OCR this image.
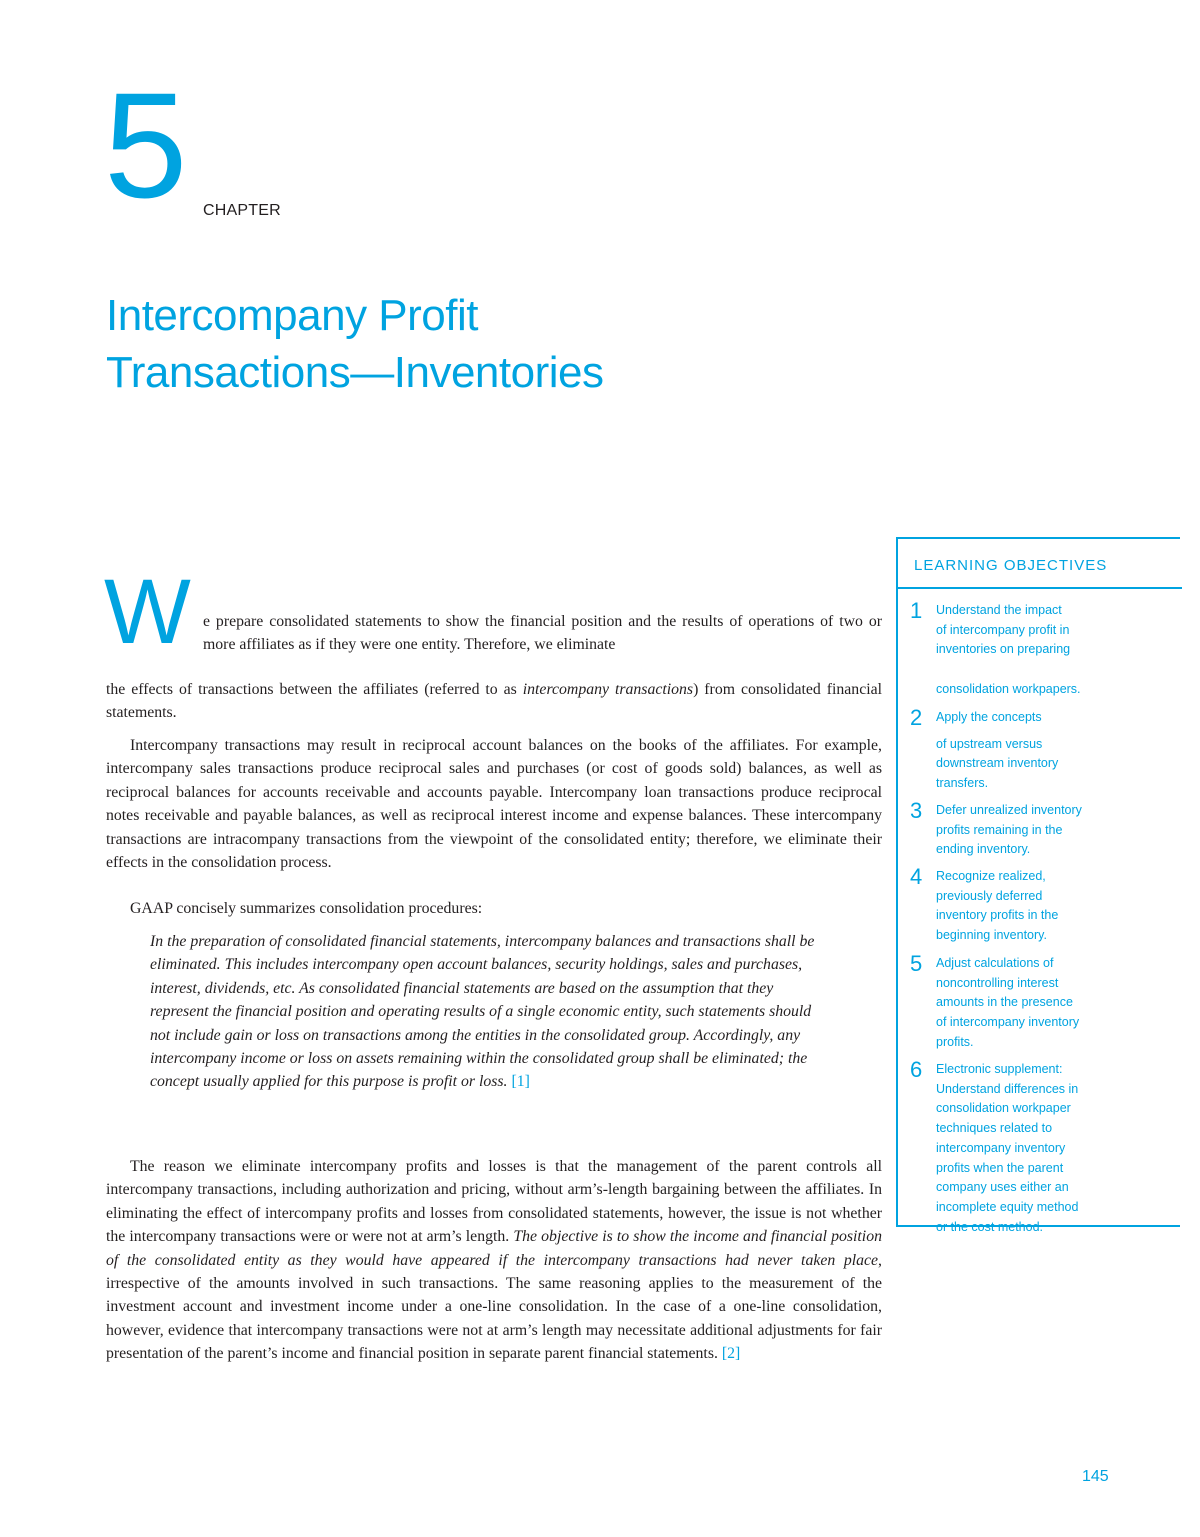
5 CHAPTER
Intercompany Profit
Transactions—Inventories
LEARNING OBJECTIVES
1 Understand the impact
of intercompany profit in
inventories on preparing
consolidation workpapers.
2 Apply the concepts
of upstream versus
downstream inventory
transfers.
3 Defer unrealized inventory
profits remaining in the
ending inventory.
4 Recognize realized,
previously deferred
inventory profits in the
beginning inventory.
5 Adjust calculations of
noncontrolling interest
amounts in the presence
of intercompany inventory
profits.
6 Electronic supplement:
Understand differences in
consolidation workpaper
techniques related to
intercompany inventory
profits when the parent
company uses either an
incomplete equity method
or the cost method.
W e prepare consolidated statements to show the financial position and the results of operations of two or more affiliates as if they were one entity. Therefore, we eliminate

the effects of transactions between the affiliates (referred to as intercompany transactions) from consolidated financial statements.

Intercompany transactions may result in reciprocal account balances on the books of the affiliates. For example, intercompany sales transactions produce reciprocal sales and purchases (or cost of goods sold) balances, as well as reciprocal balances for accounts receivable and accounts payable. Intercompany loan transactions produce reciprocal notes receivable and payable balances, as well as reciprocal interest income and expense balances. These intercompany transactions are intracompany transactions from the viewpoint of the consolidated entity; therefore, we eliminate their effects in the consolidation process.

GAAP concisely summarizes consolidation procedures:

In the preparation of consolidated financial statements, intercompany balances and transactions shall be eliminated. This includes intercompany open account balances, security holdings, sales and purchases, interest, dividends, etc. As consolidated financial statements are based on the assumption that they represent the financial position and operating results of a single economic entity, such statements should not include gain or loss on transactions among the entities in the consolidated group. Accordingly, any intercompany income or loss on assets remaining within the consolidated group shall be eliminated; the concept usually applied for this purpose is profit or loss. [1]

The reason we eliminate intercompany profits and losses is that the management of the parent controls all intercompany transactions, including authorization and pricing, without arm’s-length bargaining between the affiliates. In eliminating the effect of intercompany profits and losses from consolidated statements, however, the issue is not whether the intercompany transactions were or were not at arm’s length. The objective is to show the income and financial position of the consolidated entity as they would have appeared if the intercompany transactions had never taken place, irrespective of the amounts involved in such transactions. The same reasoning applies to the measurement of the investment account and investment income under a one-line consolidation. In the case of a one-line consolidation, however, evidence that intercompany transactions were not at arm’s length may necessitate additional adjustments for fair presentation of the parent’s income and financial position in separate parent financial statements. [2]

145
